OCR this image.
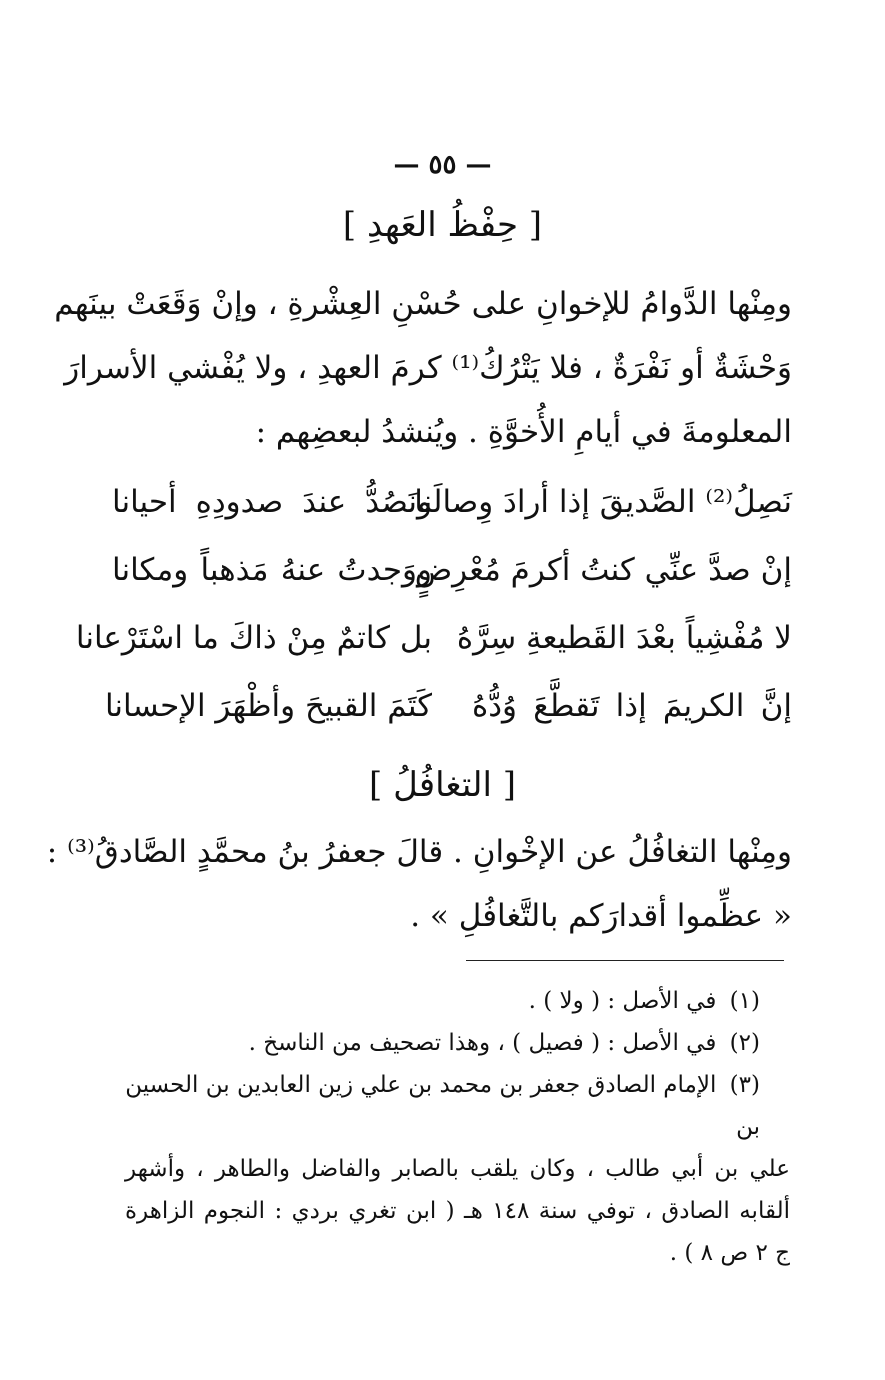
— ٥٥ —
[ حِفْظُ العَهدِ ]
ومِنْها الدَّوامُ للإخوانِ على حُسْنِ العِشْرةِ ، وإنْ وَقَعَتْ بينَهم
وَحْشَةٌ أو نَفْرَةٌ ، فلا يَتْرُكُ⁽¹⁾ كرمَ العهدِ ، ولا يُفْشي الأسرارَ
المعلومةَ في أيامِ الأُخوَّةِ . ويُنشدُ لبعضِهم :
نَصِلُ⁽²⁾ الصَّديقَ إذا أرادَ وِصالَنا
ونَصُدُّ عندَ صدودِهِ أحيانا
إنْ صدَّ عنِّي كنتُ أكرمَ مُعْرِضٍ
ووَجدتُ عنهُ مَذهباً ومكانا
لا مُفْشِياً بعْدَ القَطيعةِ سِرَّهُ
بل كاتمٌ مِنْ ذاكَ ما اسْتَرْعانا
إنَّ الكريمَ إذا تَقطَّعَ وُدُّهُ
كَتَمَ القبيحَ وأظْهَرَ الإحسانا
[ التغافُلُ ]
ومِنْها التغافُلُ عن الإخْوانِ . قالَ جعفرُ بنُ محمَّدٍ الصَّادقُ⁽³⁾ :
« عظِّموا أقدارَكم بالتَّغافُلِ » .
(١) في الأصل : ( ولا ) .
(٢) في الأصل : ( فصيل ) ، وهذا تصحيف من الناسخ .
(٣) الإمام الصادق جعفر بن محمد بن علي زين العابدين بن الحسين بن
علي بن أبي طالب ، وكان يلقب بالصابر والفاضل والطاهر ، وأشهر
ألقابه الصادق ، توفي سنة ١٤٨ هـ ( ابن تغري بردي : النجوم الزاهرة
ج ٢ ص ٨ ) .
